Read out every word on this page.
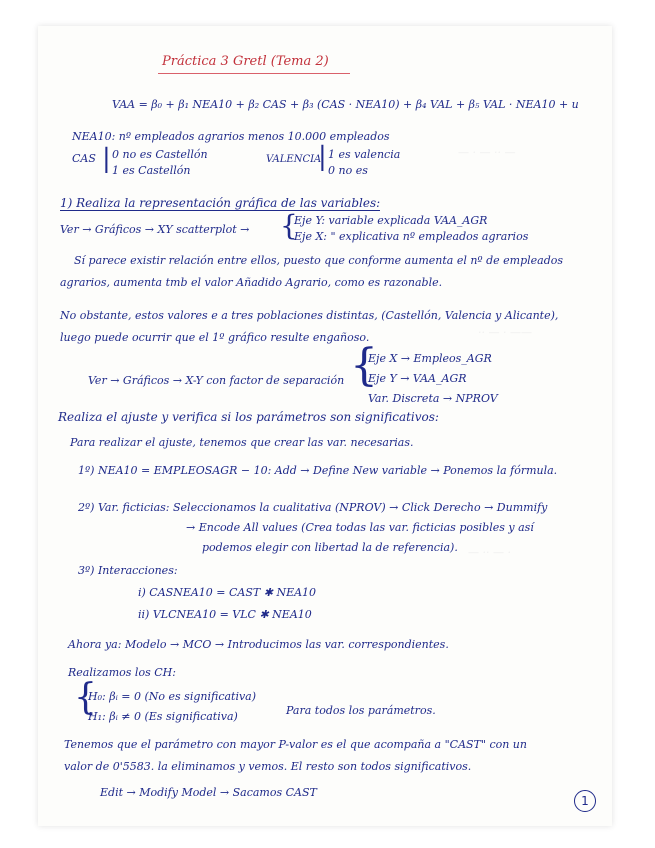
— · — ·· —
·· — · ——
— ·· — ·
Práctica 3 Gretl (Tema 2)
VAA = β₀ + β₁ NEA10 + β₂ CAS + β₃ (CAS · NEA10) + β₄ VAL + β₅ VAL · NEA10 + u
NEA10: nº empleados agrarios menos 10.000 empleados
CAS | 0 no es Castellón
1 es Castellón
VALENCIA
| 1 es valencia
0 no es
1) Realiza la representación gráfica de las variables:
Ver → Gráficos → XY scatterplot → {
Eje Y: variable explicada VAA_AGR
Eje X: " explicativa nº empleados agrarios
Sí parece existir relación entre ellos, puesto que conforme aumenta el nº de empleados
agrarios, aumenta tmb el valor Añadido Agrario, como es razonable.
No obstante, estos valores e a tres poblaciones distintas, (Castellón, Valencia y Alicante),
luego puede ocurrir que el 1º gráfico resulte engañoso.
Ver → Gráficos → X-Y con factor de separación {
Eje X → Empleos_AGR
Eje Y → VAA_AGR
Var. Discreta → NPROV
Realiza el ajuste y verifica si los parámetros son significativos:
Para realizar el ajuste, tenemos que crear las var. necesarias.
1º) NEA10 = EMPLEOSAGR − 10: Add → Define New variable → Ponemos la fórmula.
2º) Var. ficticias: Seleccionamos la cualitativa (NPROV) → Click Derecho → Dummify
→ Encode All values (Crea todas las var. ficticias posibles y así
podemos elegir con libertad la de referencia).
3º) Interacciones:
i) CASNEA10 = CAST ✱ NEA10
ii) VLCNEA10 = VLC ✱ NEA10
Ahora ya: Modelo → MCO → Introducimos las var. correspondientes.
Realizamos los CH:
{
H₀: βᵢ = 0 (No es significativa)
H₁: βᵢ ≠ 0 (Es significativa)	Para todos los parámetros.
Tenemos que el parámetro con mayor P-valor es el que acompaña a "CAST" con un
valor de 0'5583. la eliminamos y vemos. El resto son todos significativos.
Edit → Modify Model → Sacamos CAST
1
